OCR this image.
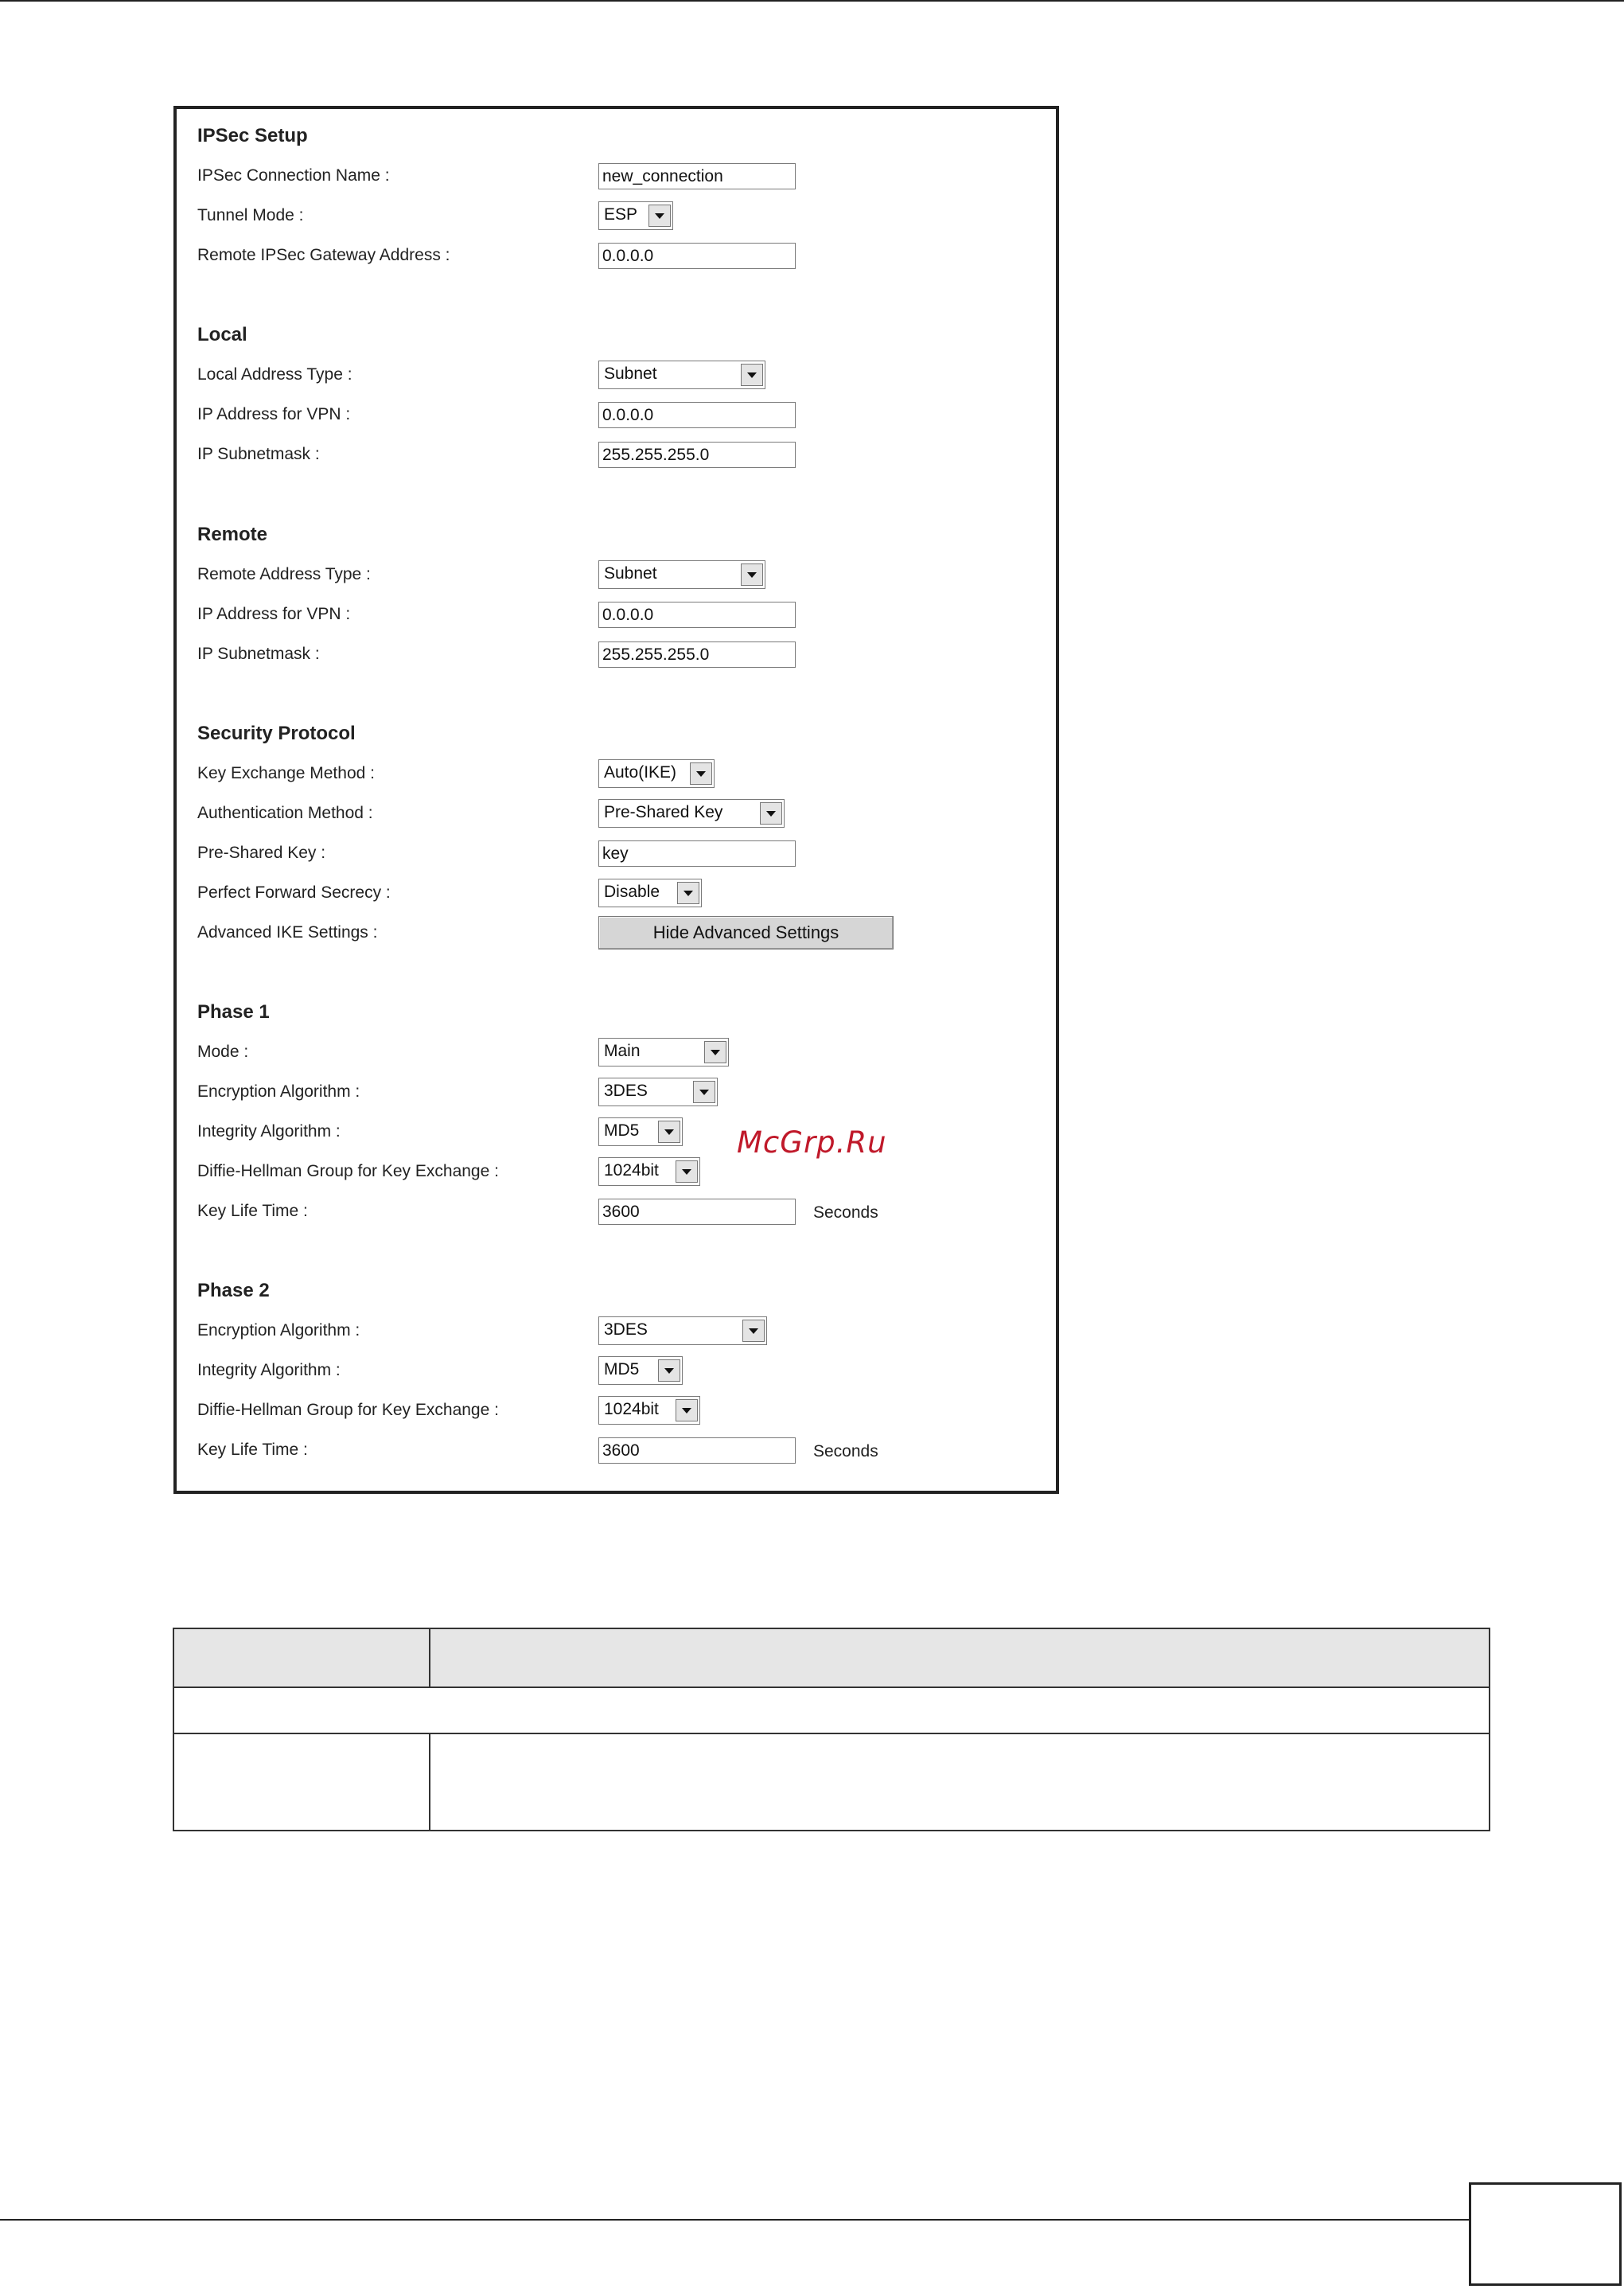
IPSec Setup
IPSec Connection Name :	new_connection
Tunnel Mode :	ESP
Remote IPSec Gateway Address :	0.0.0.0
Local
Local Address Type :	Subnet
IP Address for VPN :	0.0.0.0
IP Subnetmask :	255.255.255.0
Remote
Remote Address Type :	Subnet
IP Address for VPN :	0.0.0.0
IP Subnetmask :	255.255.255.0
Security Protocol
Key Exchange Method :	Auto(IKE)
Authentication Method :	Pre-Shared Key
Pre-Shared Key :	key
Perfect Forward Secrecy :	Disable
Advanced IKE Settings :	Hide Advanced Settings
Phase 1
Mode :	Main
Encryption Algorithm :	3DES
Integrity Algorithm :	MD5
Diffie-Hellman Group for Key Exchange :	1024bit
Key Life Time :	3600	Seconds
Phase 2
Encryption Algorithm :	3DES
Integrity Algorithm :	MD5
Diffie-Hellman Group for Key Exchange :	1024bit
Key Life Time :	3600	Seconds
McGrp.Ru
